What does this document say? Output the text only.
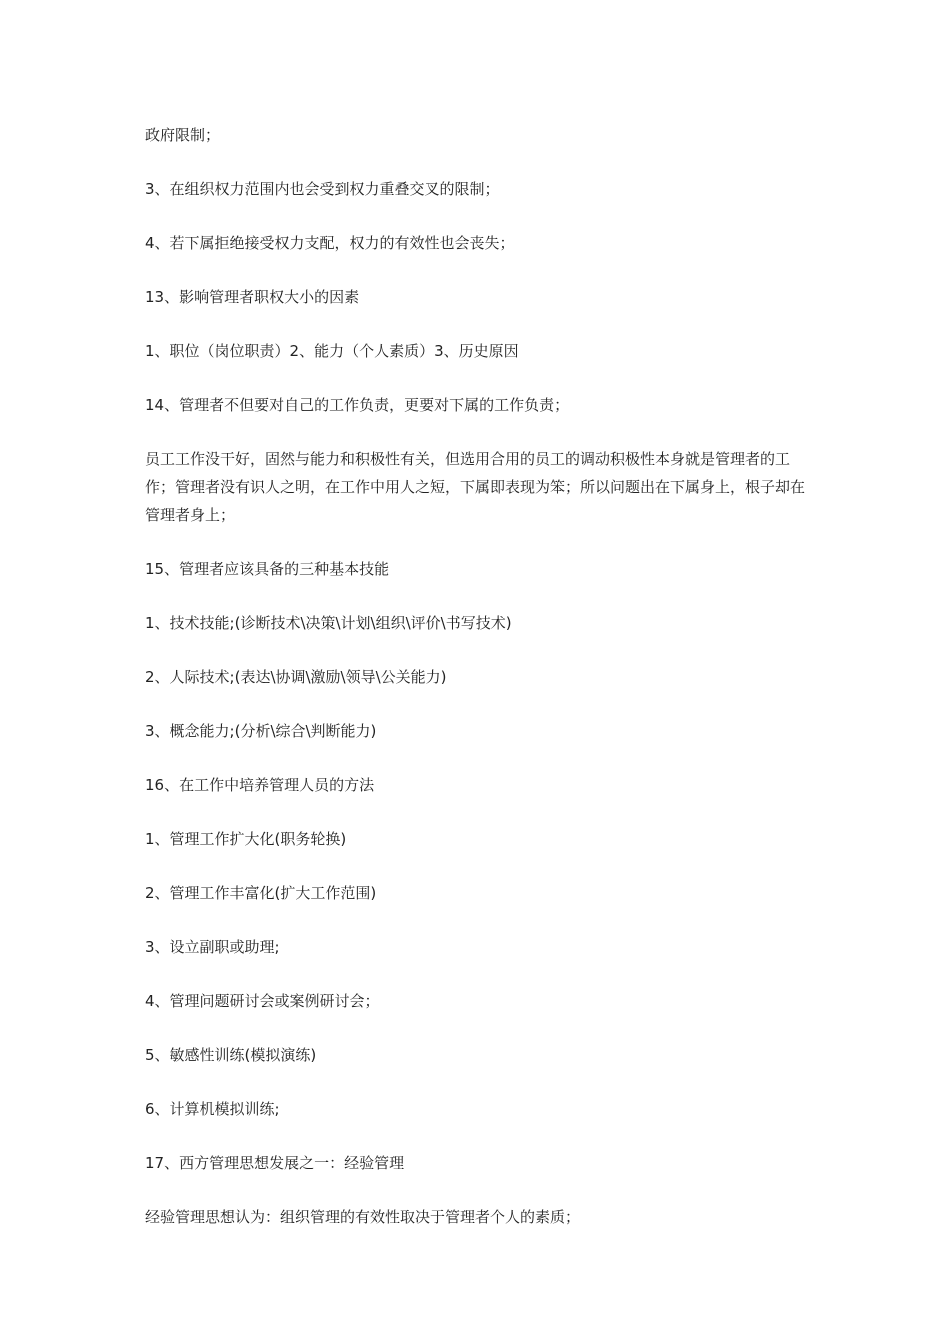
政府限制；

3、在组织权力范围内也会受到权力重叠交叉的限制；

4、若下属拒绝接受权力支配，权力的有效性也会丧失；

13、影响管理者职权大小的因素

1、职位（岗位职责）2、能力（个人素质）3、历史原因

14、管理者不但要对自己的工作负责，更要对下属的工作负责；

员工工作没干好，固然与能力和积极性有关，但选用合用的员工的调动积极性本身就是管理者的工作；管理者没有识人之明，在工作中用人之短，下属即表现为笨；所以问题出在下属身上，根子却在管理者身上；

15、管理者应该具备的三种基本技能

1、技术技能;(诊断技术\决策\计划\组织\评价\书写技术)

2、人际技术;(表达\协调\激励\领导\公关能力)

3、概念能力;(分析\综合\判断能力)

16、在工作中培养管理人员的方法

1、管理工作扩大化(职务轮换)

2、管理工作丰富化(扩大工作范围)

3、设立副职或助理;

4、管理问题研讨会或案例研讨会；

5、敏感性训练(模拟演练)

6、计算机模拟训练;

17、西方管理思想发展之一：经验管理

经验管理思想认为：组织管理的有效性取决于管理者个人的素质；
